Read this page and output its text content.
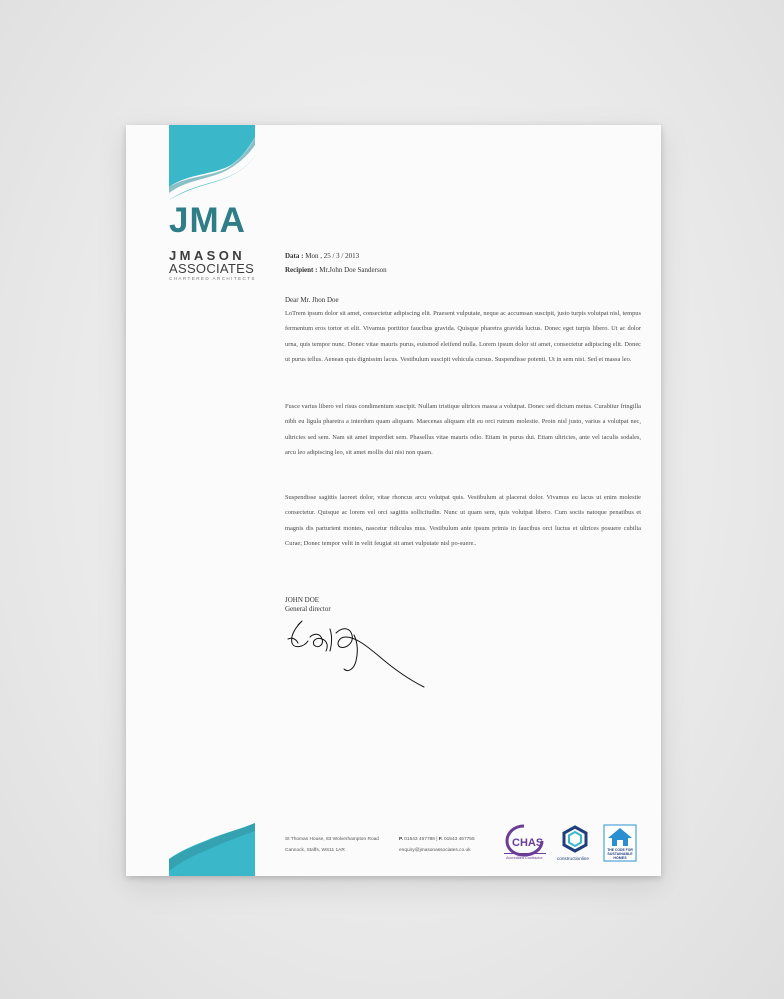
JMA
JMASON
ASSOCIATES
CHARTERED ARCHITECTS
Data : Mon , 25 / 3 / 2013
Recipient : Mr.John Doe Sanderson
Dear Mr. Jhon Doe
LoTrem ipsum dolor sit amet, consectetur adipiscing elit. Praesent vulputate, neque ac accumsan suscipit, justo turpis volutpat nisl, tempus fermentum eros tortor et elit. Vivamus porttitor faucibus gravida. Quisque pharetra gravida luctus. Donec eget turpis libero. Ut ac dolor urna, quis tempor nunc. Donec vitae mauris purus, euismod eleifend nulla. Lorem ipsum dolor sit amet, consectetur adipiscing elit. Donec ut purus tellus. Aenean quis dignissim lacus. Vestibulum suscipit vehicula cursus. Suspendisse potenti. Ut in sem nisi. Sed et massa leo.
Fusce varius libero vel risus condimentum suscipit. Nullam tristique ultrices massa a volutpat. Donec sed dictum metus. Curabitur fringilla nibh eu ligula pharetra a interdum quam aliquam. Maecenas aliquam elit eu orci rutrum molestie. Proin nisl justo, varius a volutpat nec, ultricies sed sem. Nam sit amet imperdiet sem. Phasellus vitae mauris odio. Etiam in purus dui. Etiam ultricies, ante vel iaculis sodales, arcu leo adipiscing leo, sit amet mollis dui nisi non quam.
Suspendisse sagittis laoreet dolor, vitae rhoncus arcu volutpat quis. Vestibulum at placerat dolor. Vivamus eu lacus ut enim molestie consectetur. Quisque ac lorem vel orci sagittis sollicitudin. Nunc ut quam sem, quis volutpat libero. Cum sociis natoque penatibus et magnis dis parturient montes, nascetur ridiculus mus. Vestibulum ante ipsum primis in faucibus orci luctus et ultrices posuere cubilia Curae; Donec tempor velit in velit feugiat sit amet vulputate nisl po-suere..
JOHN DOE
General director
St Thomas House, 83 Wolverhampton Road
Cannock, Staffs, WS11 1AR
P. 01543 467788 | F. 01543 467755
enquiry@jmasonassociates.co.uk
CHAS
Accredited Contractor	constructionline
THE CODE FOR
SUSTAINABLE
HOMES
